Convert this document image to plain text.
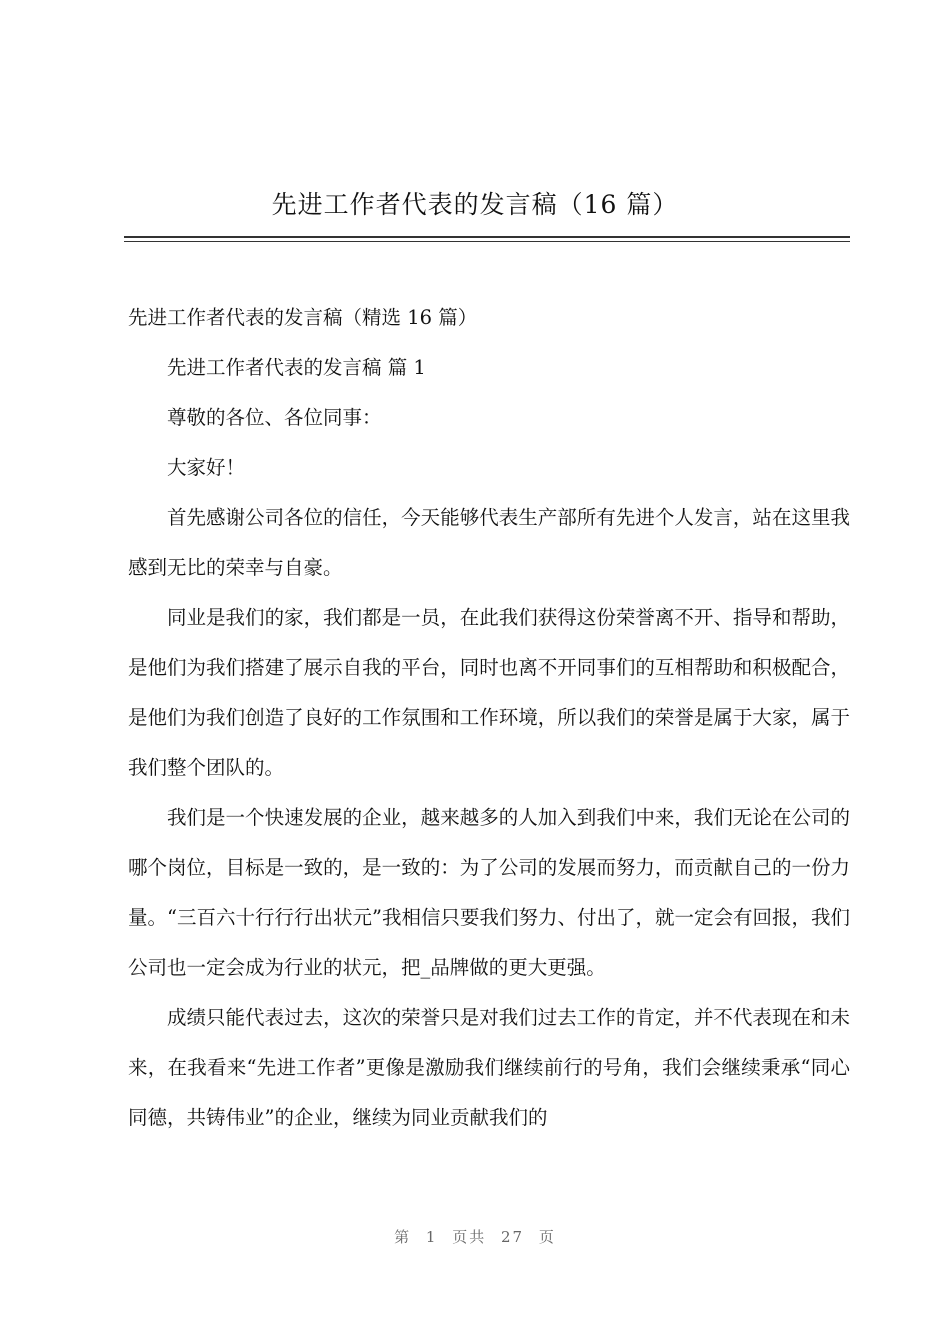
先进工作者代表的发言稿（16 篇）

先进工作者代表的发言稿（精选 16 篇）

先进工作者代表的发言稿 篇 1

尊敬的各位、各位同事：

大家好！

首先感谢公司各位的信任，今天能够代表生产部所有先进个人发言，站在这里我感到无比的荣幸与自豪。

同业是我们的家，我们都是一员，在此我们获得这份荣誉离不开、指导和帮助，是他们为我们搭建了展示自我的平台，同时也离不开同事们的互相帮助和积极配合，是他们为我们创造了良好的工作氛围和工作环境，所以我们的荣誉是属于大家，属于我们整个团队的。

我们是一个快速发展的企业，越来越多的人加入到我们中来，我们无论在公司的哪个岗位，目标是一致的，是一致的：为了公司的发展而努力，而贡献自己的一份力量。“三百六十行行行出状元”我相信只要我们努力、付出了，就一定会有回报，我们公司也一定会成为行业的状元，把_品牌做的更大更强。

成绩只能代表过去，这次的荣誉只是对我们过去工作的肯定，并不代表现在和未来，在我看来“先进工作者”更像是激励我们继续前行的号角，我们会继续秉承“同心同德，共铸伟业”的企业，继续为同业贡献我们的

第 1 页共 27 页
